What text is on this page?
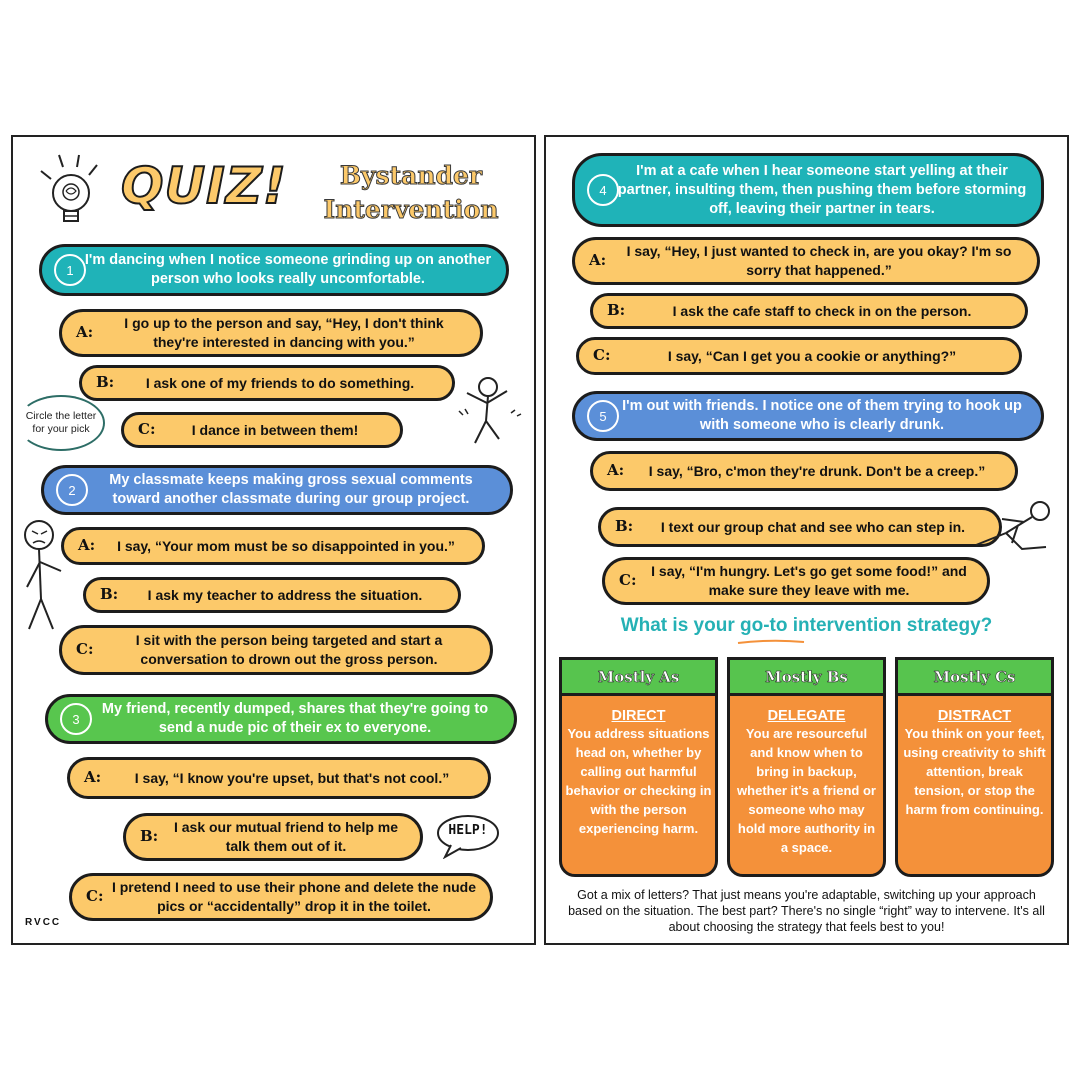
QUIZ!	Bystander
Intervention
1
I'm dancing when I notice someone grinding up on another person who looks really uncomfortable.
A:	I go up to the person and say, “Hey, I don't think they're interested in dancing with you.”
B:	I ask one of my friends to do something.
C:	I dance in between them!
Circle the letter for your pick
2
My classmate keeps making gross sexual comments toward another classmate during our group project.
A:	I say, “Your mom must be so disappointed in you.”
B:	I ask my teacher to address the situation.
C:	I sit with the person being targeted and start a conversation to drown out the gross person.
3
My friend, recently dumped, shares that they're going to send a nude pic of their ex to everyone.
A:	I say, “I know you're upset, but that's not cool.”
B:	I ask our mutual friend to help me talk them out of it.
HELP!
C: I pretend I need to use their phone and delete the nude pics or “accidentally” drop it in the toilet.
RVCC
4
I'm at a cafe when I hear someone start yelling at their partner, insulting them, then pushing them before storming off, leaving their partner in tears.
A:	I say, “Hey, I just wanted to check in, are you okay? I'm so sorry that happened.”
B:	I ask the cafe staff to check in on the person.
C:	I say, “Can I get you a cookie or anything?”
5
I'm out with friends. I notice one of them trying to hook up with someone who is clearly drunk.
A:	I say, “Bro, c'mon they're drunk. Don't be a creep.”
B:	I text our group chat and see who can step in.
C:	I say, “I'm hungry. Let's go get some food!” and make sure they leave with me.
What is your go-to intervention strategy?
Mostly As
DIRECT
You address situations head on, whether by calling out harmful behavior or checking in with the person experiencing harm.
Mostly Bs
DELEGATE
You are resourceful and know when to bring in backup, whether it's a friend or someone who may hold more authority in a space.
Mostly Cs
DISTRACT
You think on your feet, using creativity to shift attention, break tension, or stop the harm from continuing.
Got a mix of letters? That just means you're adaptable, switching up your approach based on the situation. The best part? There's no single “right” way to intervene. It's all about choosing the strategy that feels best to you!
